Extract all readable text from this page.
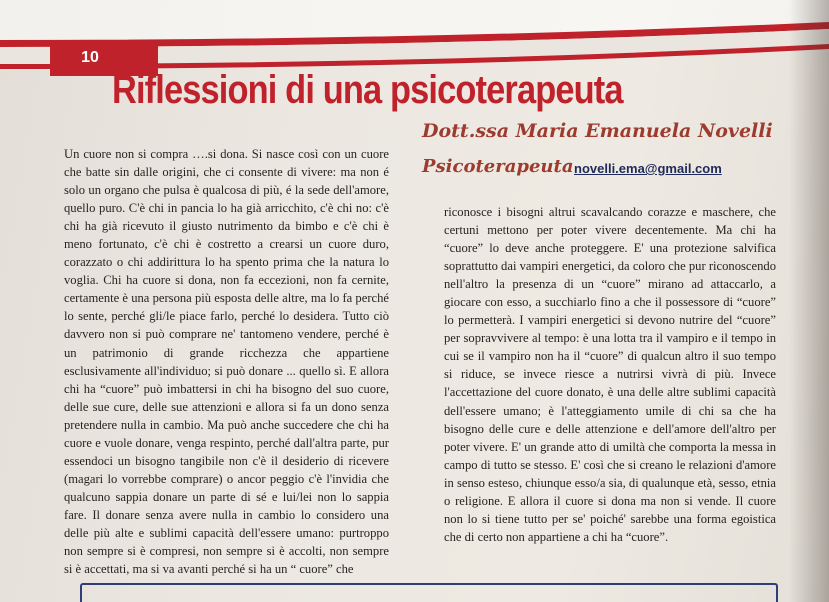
10
Riflessioni di una psicoterapeuta
Dott.ssa Maria Emanuela Novelli
Psicoterapeuta novelli.ema@gmail.com

Un cuore non si compra ….si dona. Si nasce così con un cuore che batte sin dalle origini, che ci consente di vivere: ma non é solo un organo che pulsa è qualcosa di più, é la sede dell'amore, quello puro. C'è chi in pancia lo ha già arricchito, c'è chi no: c'è chi ha già ricevuto il giusto nutrimento da bimbo e c'è chi è meno fortunato, c'è chi è costretto a crearsi un cuore duro, corazzato o chi addirittura lo ha spento prima che la natura lo voglia. Chi ha cuore si dona, non fa eccezioni, non fa cernite, certamente è una persona più esposta delle altre, ma lo fa perché lo sente, perché gli/le piace farlo, perché lo desidera. Tutto ciò davvero non si può comprare ne' tantomeno vendere, perché è un patrimonio di grande ricchezza che appartiene esclusivamente all'individuo; si può donare ... quello sì. E allora chi ha “cuore” può imbattersi in chi ha bisogno del suo cuore, delle sue cure, delle sue attenzioni e allora si fa un dono senza pretendere nulla in cambio. Ma può anche succedere che chi ha cuore e vuole donare, venga respinto, perché dall'altra parte, pur essendoci un bisogno tangibile non c'è il desiderio di ricevere (magari lo vorrebbe comprare) o ancor peggio c'è l'invidia che qualcuno sappia donare un parte di sé e lui/lei non lo sappia fare. Il donare senza avere nulla in cambio lo considero una delle più alte e sublimi capacità dell'essere umano: purtroppo non sempre si è compresi, non sempre si è accolti, non sempre si è accettati, ma si va avanti perché si ha un “ cuore” che

riconosce i bisogni altrui scavalcando corazze e maschere, che certuni mettono per poter vivere decentemente. Ma chi ha “cuore” lo deve anche proteggere. E' una protezione salvifica soprattutto dai vampiri energetici, da coloro che pur riconoscendo nell'altro la presenza di un “cuore” mirano ad attaccarlo, a giocare con esso, a succhiarlo fino a che il possessore di “cuore” lo permetterà. I vampiri energetici si devono nutrire del “cuore” per sopravvivere al tempo: è una lotta tra il vampiro e il tempo in cui se il vampiro non ha il “cuore” di qualcun altro il suo tempo si riduce, se invece riesce a nutrirsi vivrà di più. Invece l'accettazione del cuore donato, è una delle altre sublimi capacità dell'essere umano; è l'atteggiamento umile di chi sa che ha bisogno delle cure e delle attenzione e dell'amore dell'altro per poter vivere. E' un grande atto di umiltà che comporta la messa in campo di tutto se stesso. E' così che si creano le relazioni d'amore in senso esteso, chiunque esso/a sia, di qualunque età, sesso, etnia o religione. E allora il cuore si dona ma non si vende. Il cuore non lo si tiene tutto per se' poiché' sarebbe una forma egoistica che di certo non appartiene a chi ha “cuore”.
